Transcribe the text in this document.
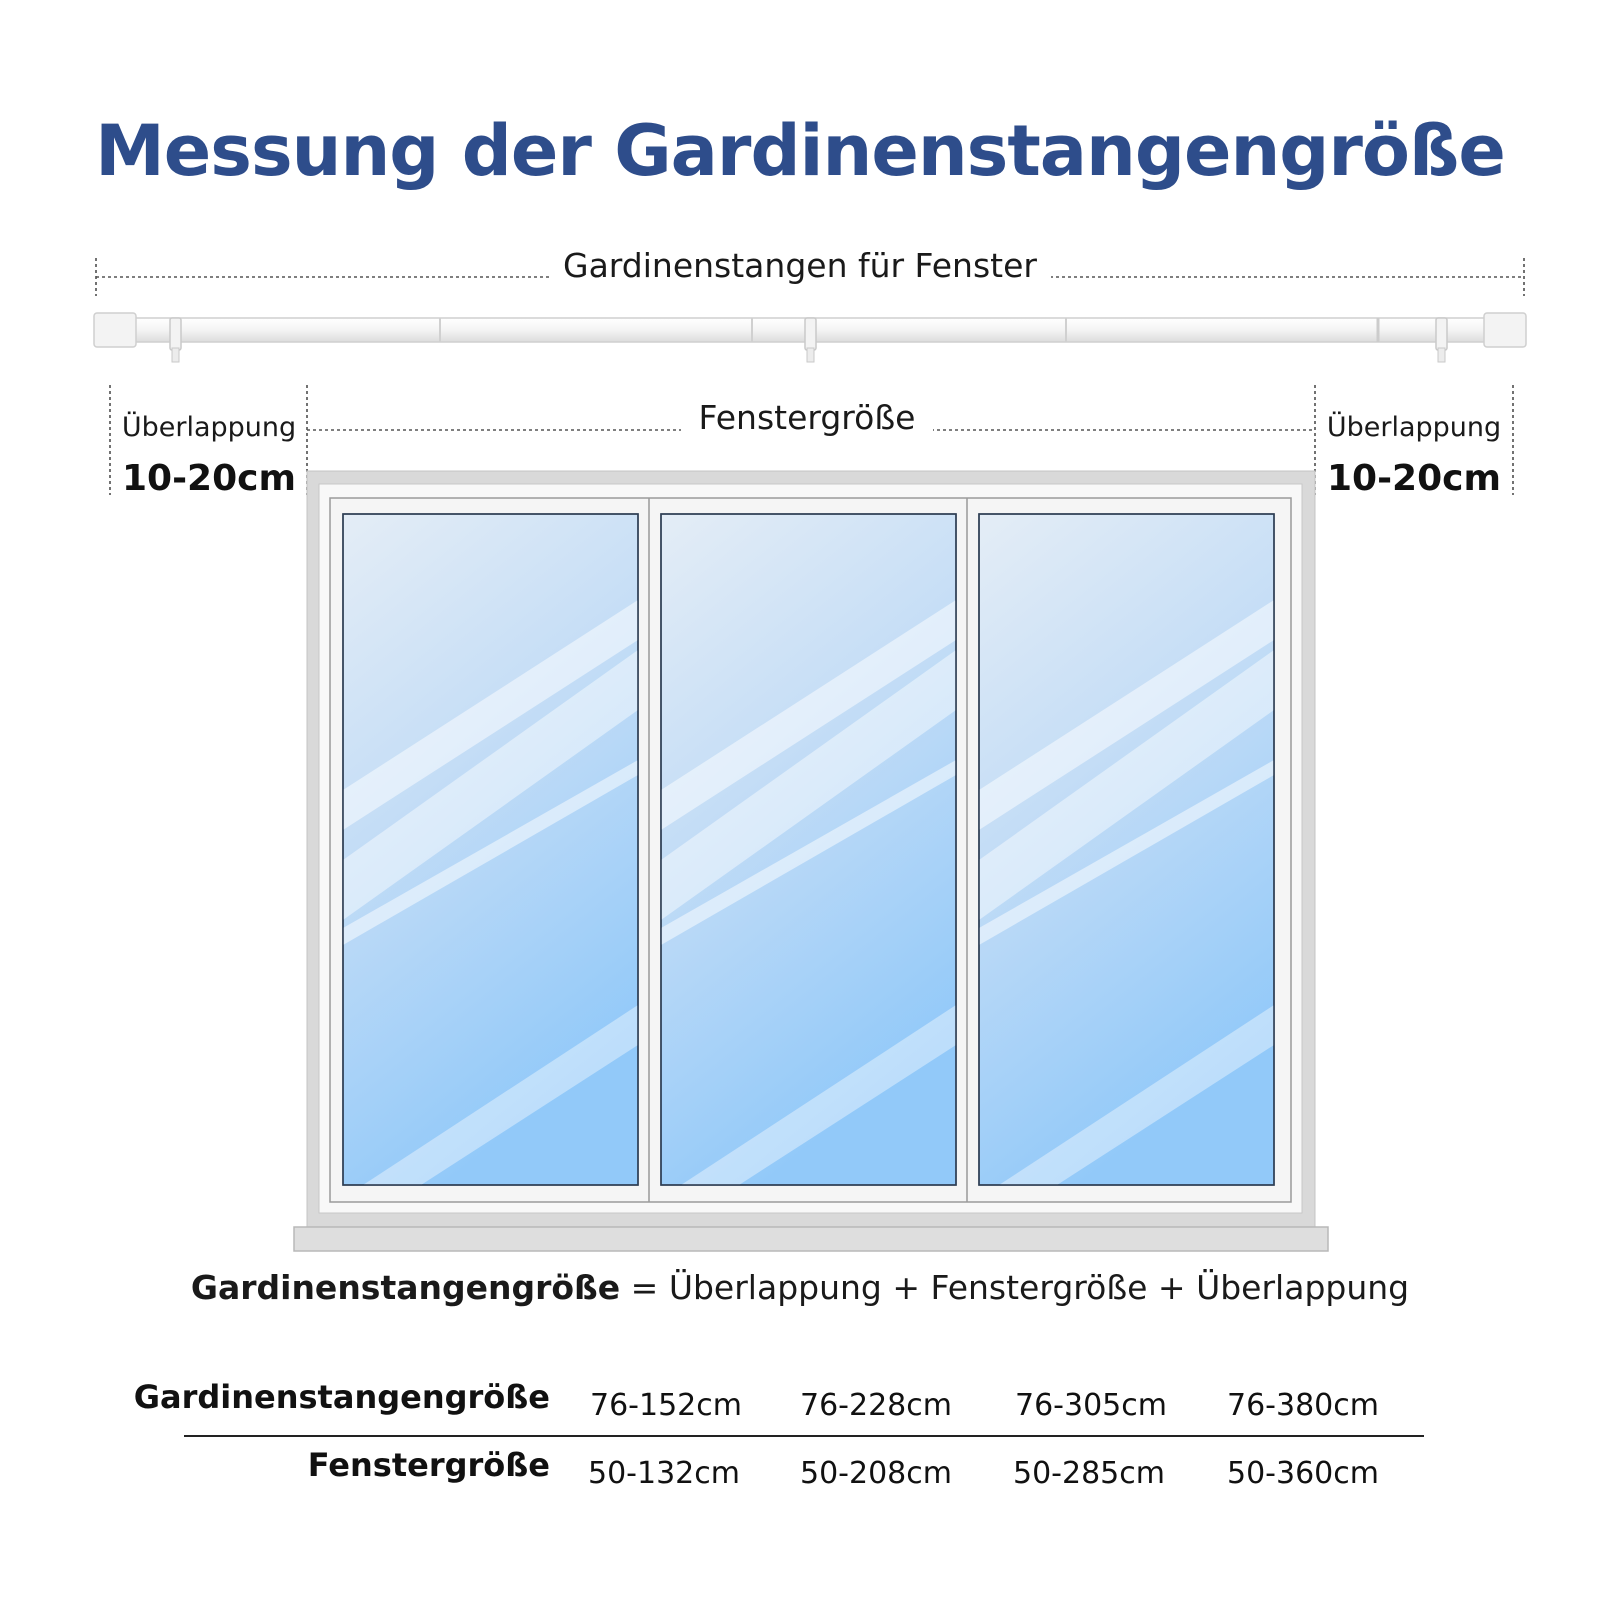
Messung der Gardinenstangengröße
Gardinenstangen für Fenster
Fenstergröße
Überlappung
10-20cm
Überlappung
10-20cm
Gardinenstangengröße = Überlappung + Fenstergröße + Überlappung
Gardinenstangengröße 76-152cm	76-228cm	76-305cm	76-380cm
Fenstergröße 50-132cm	50-208cm	50-285cm	50-360cm
